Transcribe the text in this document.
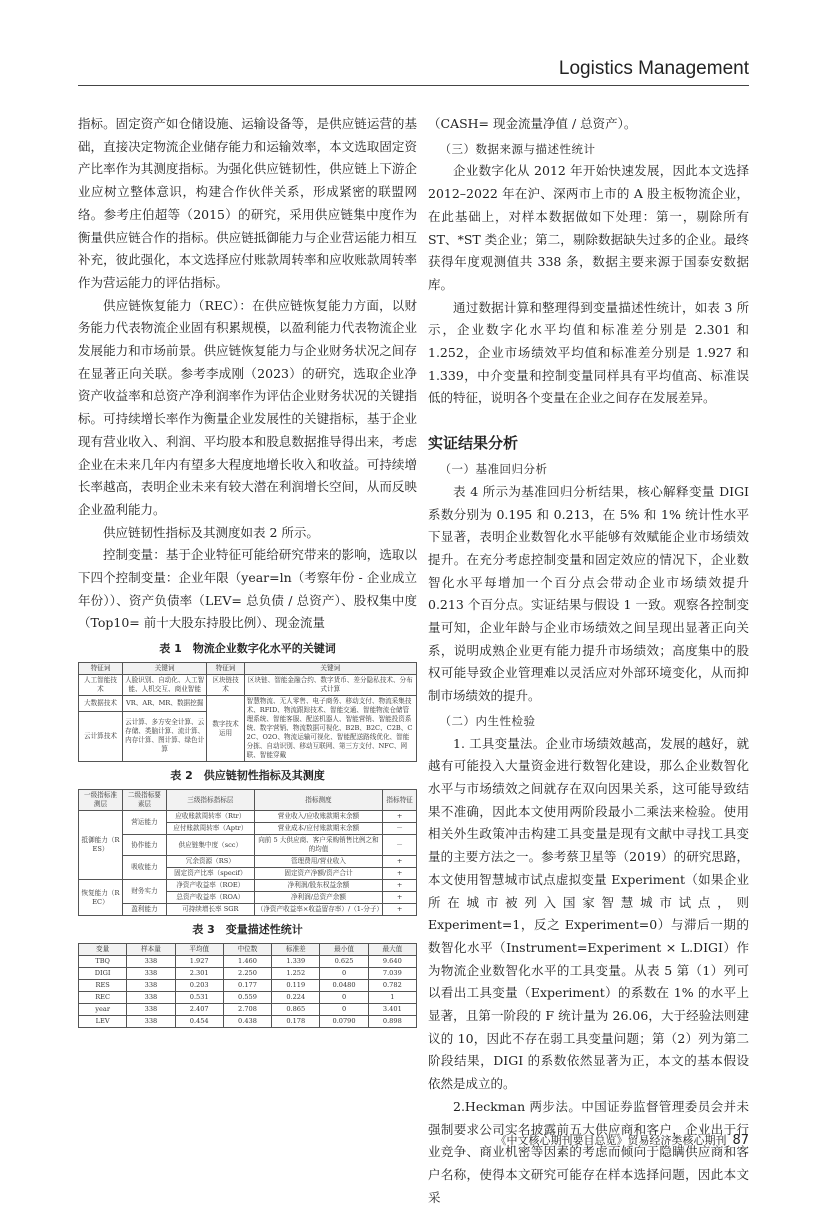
Logistics Management

指标。固定资产如仓储设施、运输设备等，是供应链运营的基础，直接决定物流企业储存能力和运输效率，本文选取固定资产比率作为其测度指标。为强化供应链韧性，供应链上下游企业应树立整体意识，构建合作伙伴关系，形成紧密的联盟网络。参考庄伯超等（2015）的研究，采用供应链集中度作为衡量供应链合作的指标。供应链抵御能力与企业营运能力相互补充，彼此强化，本文选择应付账款周转率和应收账款周转率作为营运能力的评估指标。

供应链恢复能力（REC）：在供应链恢复能力方面，以财务能力代表物流企业固有积累规模，以盈利能力代表物流企业发展能力和市场前景。供应链恢复能力与企业财务状况之间存在显著正向关联。参考李成刚（2023）的研究，选取企业净资产收益率和总资产净利润率作为评估企业财务状况的关键指标。可持续增长率作为衡量企业发展性的关键指标，基于企业现有营业收入、利润、平均股本和股息数据推导得出来，考虑企业在未来几年内有望多大程度地增长收入和收益。可持续增长率越高，表明企业未来有较大潜在利润增长空间，从而反映企业盈利能力。

供应链韧性指标及其测度如表 2 所示。

控制变量：基于企业特征可能给研究带来的影响，选取以下四个控制变量：企业年限（year=ln（考察年份 - 企业成立年份））、资产负债率（LEV= 总负债 / 总资产）、股权集中度（Top10= 前十大股东持股比例）、现金流量

表 1　物流企业数字化水平的关键词
特征词	关键词	特征词	关键词
人工智能技术	人脸识别、自动化、人工智能、人机交互、商业智能	区块链技术	区块链、智能金融合约、数字货币、差分隐私技术、分布式计算
大数据技术	VR、AR、MR、数据挖掘	数字技术运用	智慧物流、无人零售、电子商务、移动支付、物流采集技术、RFID、物流跟踪技术、智能交通、智能物流仓储管理系统、智能客服、配送机器人、智能营销、智能投资系统、数字营销、物流数据可视化、B2B、B2C、C2B、C2C、O2O、物流运输可视化、智能配送路线优化、智能分拣、自动识别、移动互联网、第三方支付、NFC、网联、智能穿戴
云计算技术	云计算、多方安全计算、云存储、类脑计算、流计算、内存计算、图计算、绿色计算		
表 2　供应链韧性指标及其测度
一级指标准测层	二级指标要素层	三级指标指标层	指标测度	指标特征
抵御能力（RES）	营运能力	应收账款周转率（Rtr）	营业收入/应收账款期末余额	+
		应付账款周转率（Aptr）	营业成本/应付账款期末余额	－
	协作能力	供应链集中度（scc）	向前 5 大供应商、客户采购销售比例之和的均值	－
	吸收能力	冗余资源（RS）	管理费用/营业收入	+
		固定资产比率（specif）	固定资产净额/资产合计	+
恢复能力（REC）	财务实力	净资产收益率（ROE）	净利润/股东权益余额	+
		总资产收益率（ROA）	净利润/总资产余额	+
	盈利能力	可持续增长率 SGR	（净资产收益率×收益留存率）/（1-分子）	+
表 3　变量描述性统计
变量	样本量	平均值	中位数	标准差	最小值	最大值
TBQ	338	1.927	1.460	1.339	0.625	9.640
DIGI	338	2.301	2.250	1.252	0	7.039
RES	338	0.203	0.177	0.119	0.0480	0.782
REC	338	0.531	0.559	0.224	0	1
year	338	2.407	2.708	0.865	0	3.401
LEV	338	0.454	0.438	0.178	0.0790	0.898

（CASH= 现金流量净值 / 总资产）。

（三）数据来源与描述性统计

企业数字化从 2012 年开始快速发展，因此本文选择 2012–2022 年在沪、深两市上市的 A 股主板物流企业，在此基础上，对样本数据做如下处理：第一，剔除所有 ST、*ST 类企业；第二，剔除数据缺失过多的企业。最终获得年度观测值共 338 条，数据主要来源于国泰安数据库。

通过数据计算和整理得到变量描述性统计，如表 3 所示，企业数字化水平均值和标准差分别是 2.301 和 1.252，企业市场绩效平均值和标准差分别是 1.927 和 1.339，中介变量和控制变量同样具有平均值高、标准误低的特征，说明各个变量在企业之间存在发展差异。

实证结果分析

（一）基准回归分析

表 4 所示为基准回归分析结果，核心解释变量 DIGI 系数分别为 0.195 和 0.213，在 5% 和 1% 统计性水平下显著，表明企业数智化水平能够有效赋能企业市场绩效提升。在充分考虑控制变量和固定效应的情况下，企业数智化水平每增加一个百分点会带动企业市场绩效提升 0.213 个百分点。实证结果与假设 1 一致。观察各控制变量可知，企业年龄与企业市场绩效之间呈现出显著正向关系，说明成熟企业更有能力提升市场绩效；高度集中的股权可能导致企业管理难以灵活应对外部环境变化，从而抑制市场绩效的提升。

（二）内生性检验

1. 工具变量法。企业市场绩效越高，发展的越好，就越有可能投入大量资金进行数智化建设，那么企业数智化水平与市场绩效之间就存在双向因果关系，这可能导致结果不准确，因此本文使用两阶段最小二乘法来检验。使用相关外生政策冲击构建工具变量是现有文献中寻找工具变量的主要方法之一。参考蔡卫星等（2019）的研究思路，本文使用智慧城市试点虚拟变量 Experiment（如果企业所在城市被列入国家智慧城市试点，则 Experiment=1，反之 Experiment=0）与滞后一期的数智化水平（Instrument=Experiment × L.DIGI）作为物流企业数智化水平的工具变量。从表 5 第（1）列可以看出工具变量（Experiment）的系数在 1% 的水平上显著，且第一阶段的 F 统计量为 26.06，大于经验法则建议的 10，因此不存在弱工具变量问题；第（2）列为第二阶段结果，DIGI 的系数依然显著为正，本文的基本假设依然是成立的。

2.Heckman 两步法。中国证券监督管理委员会并未强制要求公司实名披露前五大供应商和客户，企业出于行业竞争、商业机密等因素的考虑而倾向于隐瞒供应商和客户名称，使得本文研究可能存在样本选择问题，因此本文采

《中文核心期刊要目总览》贸易经济类核心期刊 87
